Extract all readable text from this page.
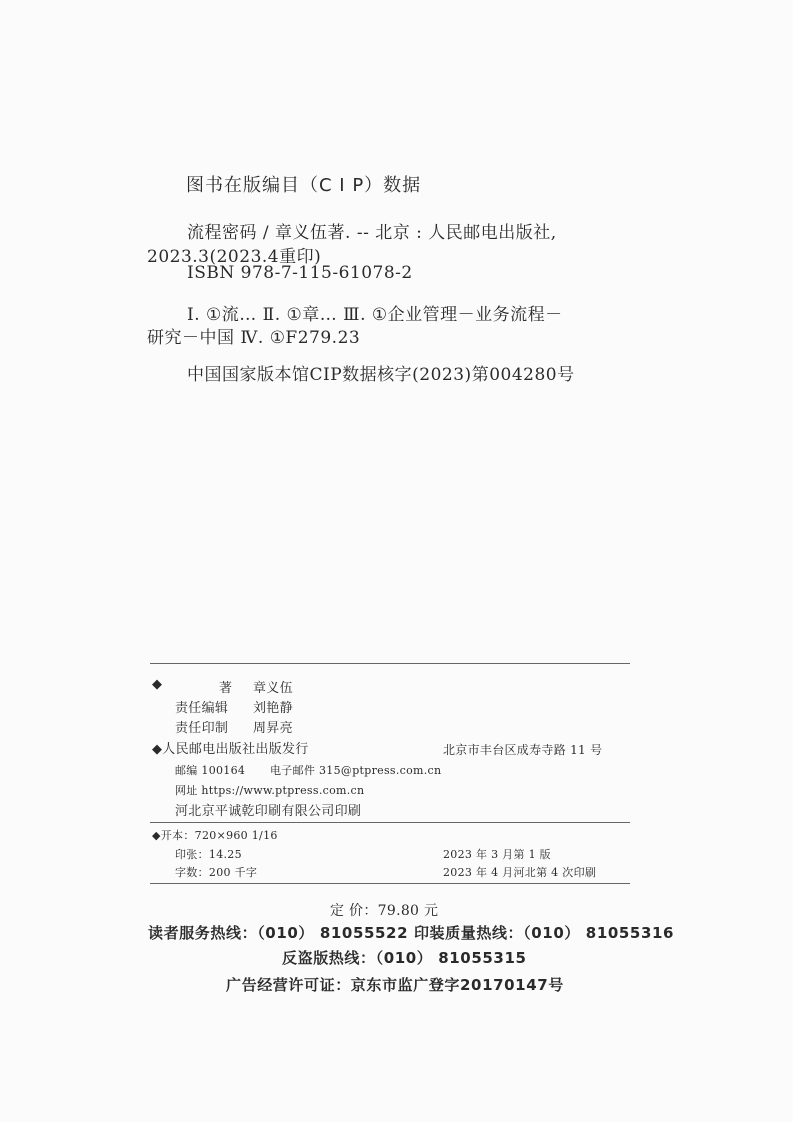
图书在版编目（C I P）数据
流程密码 / 章义伍著. -- 北京 : 人民邮电出版社,
2023.3(2023.4重印)
ISBN 978-7-115-61078-2
Ⅰ. ①流… Ⅱ. ①章… Ⅲ. ①企业管理－业务流程－
研究－中国 Ⅳ. ①F279.23
中国国家版本馆CIP数据核字(2023)第004280号
◆	著 章义伍
责任编辑 刘艳静
责任印制 周昇亮
◆人民邮电出版社出版发行	北京市丰台区成寿寺路 11 号
邮编 100164 电子邮件 315@ptpress.com.cn
网址 https://www.ptpress.com.cn
河北京平诚乾印刷有限公司印刷
◆开本：720×960 1/16
印张：14.25	2023 年 3 月第 1 版
字数：200 千字	2023 年 4 月河北第 4 次印刷
定 价：79.80 元
读者服务热线：（010） 81055522 印装质量热线：（010） 81055316
反盗版热线：（010） 81055315
广告经营许可证：京东市监广登字20170147号
